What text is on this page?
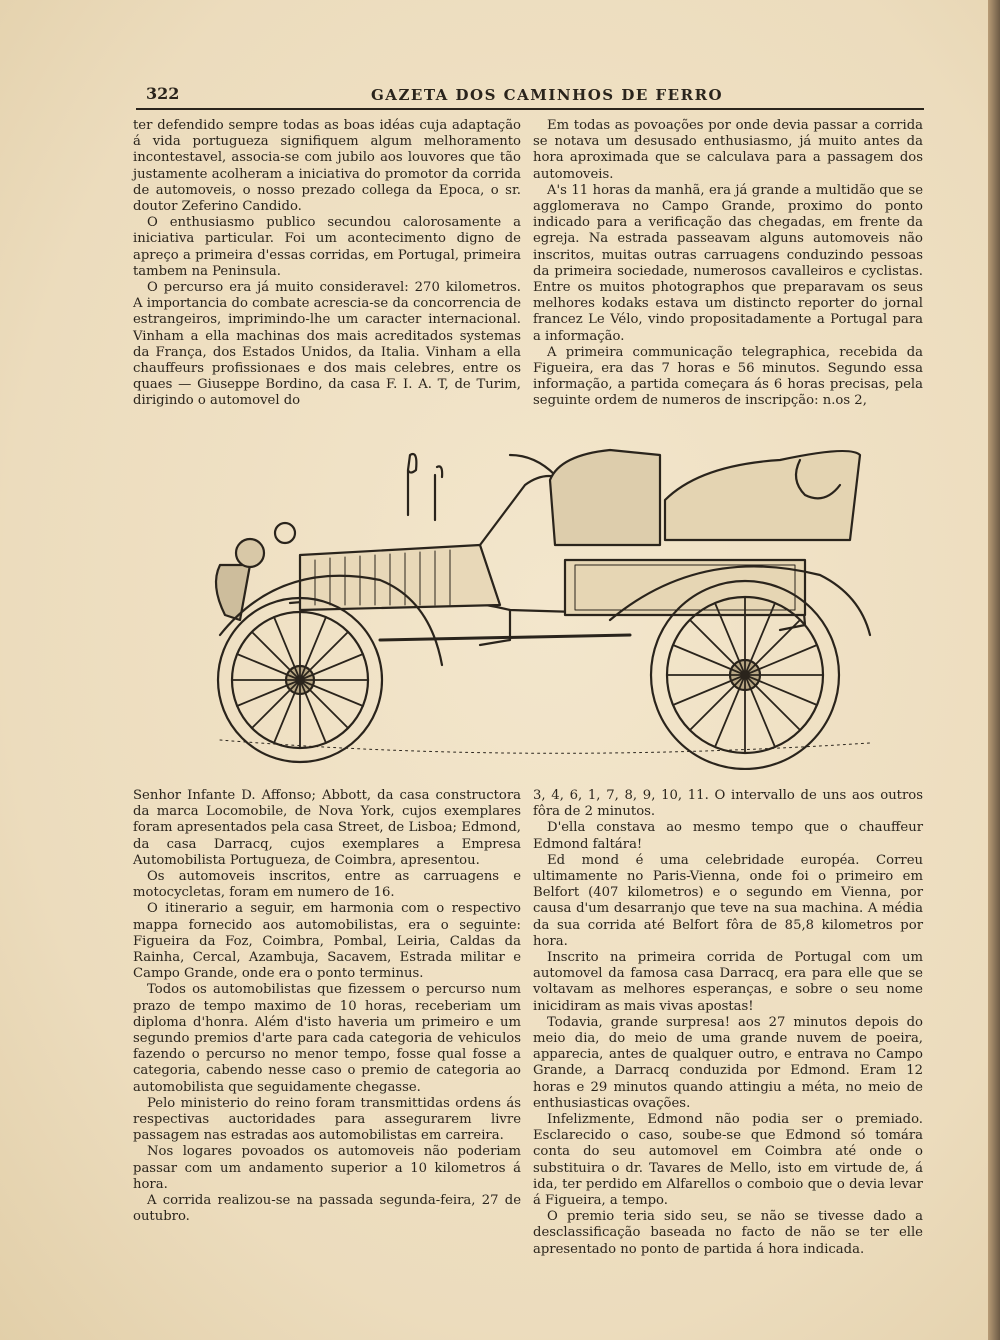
322	GAZETA DOS CAMINHOS DE FERRO

ter defendido sempre todas as boas idéas cuja adaptação á vida portugueza signifiquem algum melhoramento incontestavel, associa-se com jubilo aos louvores que tão justamente acolheram a iniciativa do promotor da corrida de automoveis, o nosso prezado collega da Epoca, o sr. doutor Zeferino Candido.

O enthusiasmo publico secundou calorosamente a iniciativa particular. Foi um acontecimento digno de apreço a primeira d'essas corridas, em Portugal, primeira tambem na Peninsula.

O percurso era já muito consideravel: 270 kilometros. A importancia do combate acrescia-se da concorrencia de estrangeiros, imprimindo-lhe um caracter internacional. Vinham a ella machinas dos mais acreditados systemas da França, dos Estados Unidos, da Italia. Vinham a ella chauffeurs profissionaes e dos mais celebres, entre os quaes — Giuseppe Bordino, da casa F. I. A. T, de Turim, dirigindo o automovel do

Em todas as povoações por onde devia passar a corrida se notava um desusado enthusiasmo, já muito antes da hora aproximada que se calculava para a passagem dos automoveis.

A's 11 horas da manhã, era já grande a multidão que se agglomerava no Campo Grande, proximo do ponto indicado para a verificação das chegadas, em frente da egreja. Na estrada passeavam alguns automoveis não inscritos, muitas outras carruagens conduzindo pessoas da primeira sociedade, numerosos cavalleiros e cyclistas. Entre os muitos photographos que preparavam os seus melhores kodaks estava um distincto reporter do jornal francez Le Vélo, vindo propositadamente a Portugal para a informação.

A primeira communicação telegraphica, recebida da Figueira, era das 7 horas e 56 minutos. Segundo essa informação, a partida começara ás 6 horas precisas, pela seguinte ordem de numeros de inscripção: n.os 2,

Senhor Infante D. Affonso; Abbott, da casa constructora da marca Locomobile, de Nova York, cujos exemplares foram apresentados pela casa Street, de Lisboa; Edmond, da casa Darracq, cujos exemplares a Empresa Automobilista Portugueza, de Coimbra, apresentou.

Os automoveis inscritos, entre as carruagens e motocycletas, foram em numero de 16.

O itinerario a seguir, em harmonia com o respectivo mappa fornecido aos automobilistas, era o seguinte: Figueira da Foz, Coimbra, Pombal, Leiria, Caldas da Rainha, Cercal, Azambuja, Sacavem, Estrada militar e Campo Grande, onde era o ponto terminus.

Todos os automobilistas que fizessem o percurso num prazo de tempo maximo de 10 horas, receberiam um diploma d'honra. Além d'isto haveria um primeiro e um segundo premios d'arte para cada categoria de vehiculos fazendo o percurso no menor tempo, fosse qual fosse a categoria, cabendo nesse caso o premio de categoria ao automobilista que seguidamente chegasse.

Pelo ministerio do reino foram transmittidas ordens ás respectivas auctoridades para assegurarem livre passagem nas estradas aos automobilistas em carreira.

Nos logares povoados os automoveis não poderiam passar com um andamento superior a 10 kilometros á hora.

A corrida realizou-se na passada segunda-feira, 27 de outubro.

3, 4, 6, 1, 7, 8, 9, 10, 11. O intervallo de uns aos outros fôra de 2 minutos.

D'ella constava ao mesmo tempo que o chauffeur Edmond faltára!

Ed mond é uma celebridade européa. Correu ultimamente no Paris-Vienna, onde foi o primeiro em Belfort (407 kilometros) e o segundo em Vienna, por causa d'um desarranjo que teve na sua machina. A média da sua corrida até Belfort fôra de 85,8 kilometros por hora.

Inscrito na primeira corrida de Portugal com um automovel da famosa casa Darracq, era para elle que se voltavam as melhores esperanças, e sobre o seu nome inicidiram as mais vivas apostas!

Todavia, grande surpresa! aos 27 minutos depois do meio dia, do meio de uma grande nuvem de poeira, apparecia, antes de qualquer outro, e entrava no Campo Grande, a Darracq conduzida por Edmond. Eram 12 horas e 29 minutos quando attingiu a méta, no meio de enthusiasticas ovações.

Infelizmente, Edmond não podia ser o premiado. Esclarecido o caso, soube-se que Edmond só tomára conta do seu automovel em Coimbra até onde o substituira o dr. Tavares de Mello, isto em virtude de, á ida, ter perdido em Alfarellos o comboio que o devia levar á Figueira, a tempo.

O premio teria sido seu, se não se tivesse dado a desclassificação baseada no facto de não se ter elle apresentado no ponto de partida á hora indicada.
